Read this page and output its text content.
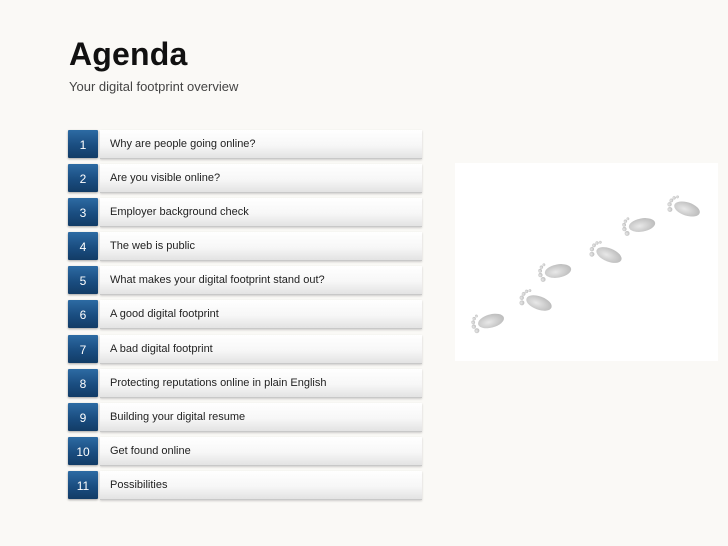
Agenda
Your digital footprint overview
1	Why are people going online?
2	Are you visible online?
3	Employer background check
4	The web is public
5	What makes your digital footprint stand out?
6	A good digital footprint
7	A bad digital footprint
8	Protecting reputations online in plain English
9	Building your digital resume
10	Get found online
11	Possibilities
